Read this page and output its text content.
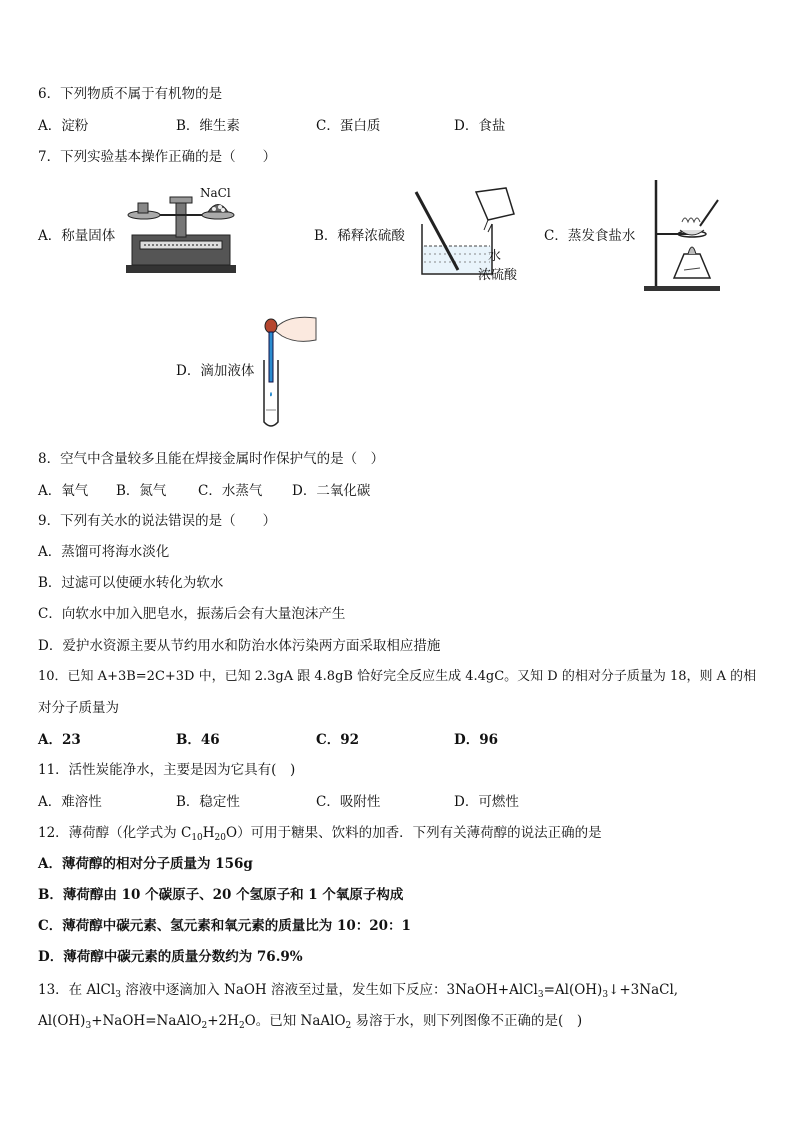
6．下列物质不属于有机物的是
A．淀粉	B．维生素	C．蛋白质	D．食盐
7．下列实验基本操作正确的是（　　）
A．称量固体	B．稀释浓硫酸	C．蒸发食盐水
D．滴加液体
NaCl
水
浓硫酸
8．空气中含量较多且能在焊接金属时作保护气的是（　）
A．氧气 B．氮气 C．水蒸气 D．二氧化碳
9．下列有关水的说法错误的是（　　）
A．蒸馏可将海水淡化
B．过滤可以使硬水转化为软水
C．向软水中加入肥皂水，振荡后会有大量泡沫产生
D．爱护水资源主要从节约用水和防治水体污染两方面采取相应措施
10．已知 A+3B=2C+3D 中，已知 2.3gA 跟 4.8gB 恰好完全反应生成 4.4gC。又知 D 的相对分子质量为 18，则 A 的相
对分子质量为
A．23	B．46	C．92	D．96
11．活性炭能净水，主要是因为它具有(　)
A．难溶性	B．稳定性	C．吸附性	D．可燃性
12．薄荷醇（化学式为 $C_{10}H_{20}O$）可用于糖果、饮料的加香．下列有关薄荷醇的说法正确的是
A．薄荷醇的相对分子质量为 156g
B．薄荷醇由 10 个碳原子、20 个氢原子和 1 个氧原子构成
C．薄荷醇中碳元素、氢元素和氧元素的质量比为 10：20：1
D．薄荷醇中碳元素的质量分数约为 76.9%
13．在 AlCl$_3$ 溶液中逐滴加入 NaOH 溶液至过量，发生如下反应：$3NaOH+AlCl_3=Al(OH)_3↓+3NaCl$,
$Al(OH)_3+NaOH=NaAlO_2+2H_2O$。已知 NaAlO$_2$ 易溶于水，则下列图像不正确的是(　)
